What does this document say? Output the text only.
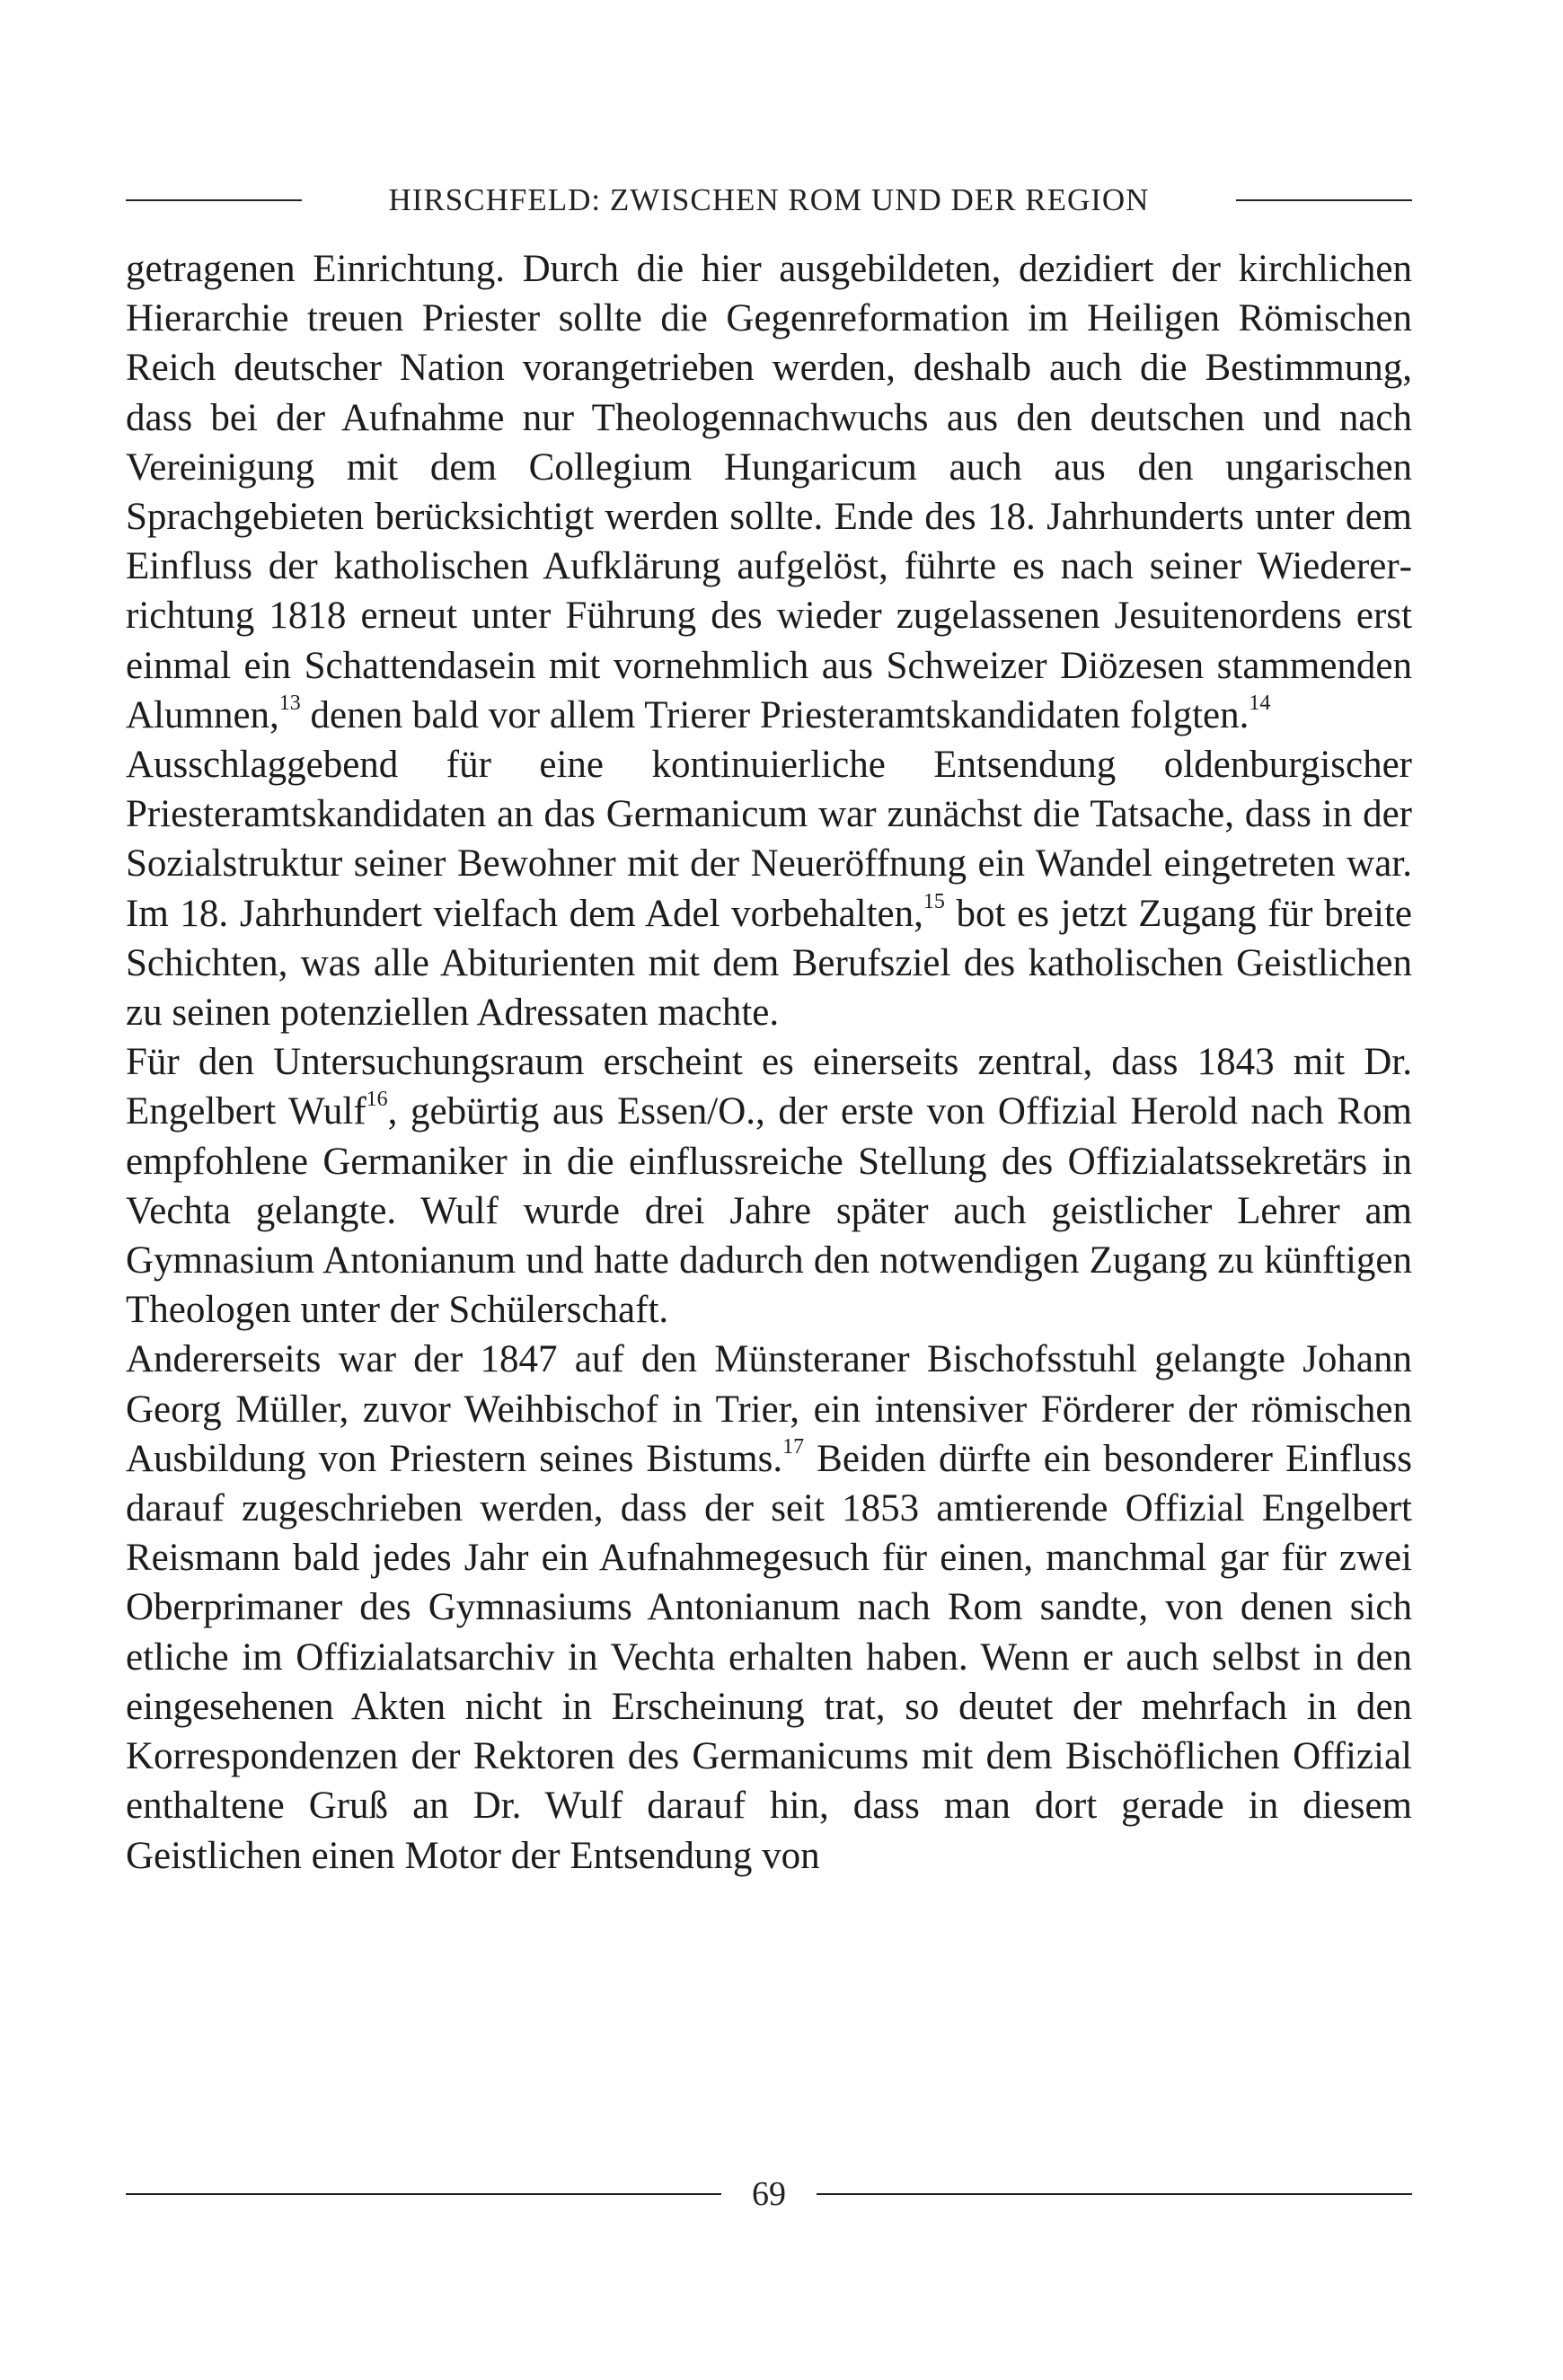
HIRSCHFELD: ZWISCHEN ROM UND DER REGION

getragenen Einrichtung. Durch die hier ausgebildeten, dezidiert der kirchlichen Hierarchie treuen Priester sollte die Gegenreformation im Heiligen Römischen Reich deutscher Nation vorangetrieben werden, deshalb auch die Bestimmung, dass bei der Aufnahme nur Theologennachwuchs aus den deutschen und nach Vereinigung mit dem Collegium Hungaricum auch aus den ungarischen Sprachgebieten berücksichtigt werden sollte. Ende des 18. Jahrhunderts unter dem Einfluss der katholischen Aufklärung aufgelöst, führte es nach seiner Wiedererrichtung 1818 erneut unter Führung des wieder zugelassenen Jesuitenordens erst einmal ein Schattendasein mit vornehmlich aus Schweizer Diözesen stammenden Alumnen,$^{13}$ denen bald vor allem Trierer Priesteramtskandidaten folgten.$^{14}$

Ausschlaggebend für eine kontinuierliche Entsendung oldenburgischer Priesteramtskandidaten an das Germanicum war zunächst die Tatsache, dass in der Sozialstruktur seiner Bewohner mit der Neueröffnung ein Wandel eingetreten war. Im 18. Jahrhundert vielfach dem Adel vorbehalten,$^{15}$ bot es jetzt Zugang für breite Schichten, was alle Abiturienten mit dem Berufsziel des katholischen Geistlichen zu seinen potenziellen Adressaten machte.

Für den Untersuchungsraum erscheint es einerseits zentral, dass 1843 mit Dr. Engelbert Wulf$^{16}$, gebürtig aus Essen/O., der erste von Offizial Herold nach Rom empfohlene Germaniker in die einflussreiche Stellung des Offizialatssekretärs in Vechta gelangte. Wulf wurde drei Jahre später auch geistlicher Lehrer am Gymnasium Antonianum und hatte dadurch den notwendigen Zugang zu künftigen Theologen unter der Schülerschaft.

Andererseits war der 1847 auf den Münsteraner Bischofsstuhl gelangte Johann Georg Müller, zuvor Weihbischof in Trier, ein intensiver Förderer der römischen Ausbildung von Priestern seines Bistums.$^{17}$ Beiden dürfte ein besonderer Einfluss darauf zugeschrieben werden, dass der seit 1853 amtierende Offizial Engelbert Reismann bald jedes Jahr ein Aufnahmegesuch für einen, manchmal gar für zwei Oberprimaner des Gymnasiums Antonianum nach Rom sandte, von denen sich etliche im Offizialatsarchiv in Vechta erhalten haben. Wenn er auch selbst in den eingesehenen Akten nicht in Erscheinung trat, so deutet der mehrfach in den Korrespondenzen der Rektoren des Germanicums mit dem Bischöflichen Offizial enthaltene Gruß an Dr. Wulf darauf hin, dass man dort gerade in diesem Geistlichen einen Motor der Entsendung von

69
